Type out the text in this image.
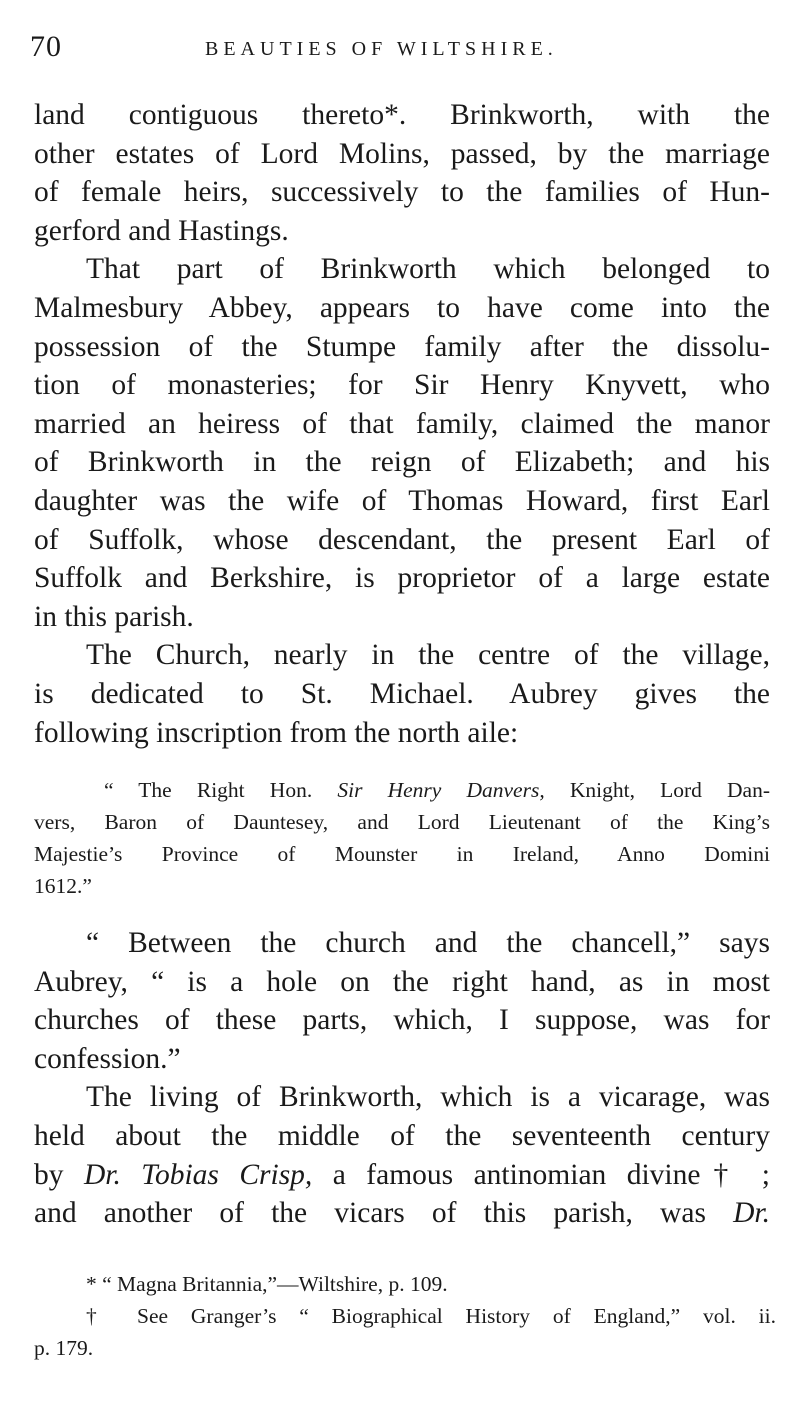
70	BEAUTIES OF WILTSHIRE.
land contiguous thereto*. Brinkworth, with the
other estates of Lord Molins, passed, by the marriage
of female heirs, successively to the families of Hun-
gerford and Hastings.
That part of Brinkworth which belonged to
Malmesbury Abbey, appears to have come into the
possession of the Stumpe family after the dissolu-
tion of monasteries; for Sir Henry Knyvett, who
married an heiress of that family, claimed the manor
of Brinkworth in the reign of Elizabeth; and his
daughter was the wife of Thomas Howard, first Earl
of Suffolk, whose descendant, the present Earl of
Suffolk and Berkshire, is proprietor of a large estate
in this parish.
The Church, nearly in the centre of the village,
is dedicated to St. Michael. Aubrey gives the
following inscription from the north aile:
“ The Right Hon. Sir Henry Danvers, Knight, Lord Dan-
vers, Baron of Dauntesey, and Lord Lieutenant of the King’s
Majestie’s Province of Mounster in Ireland, Anno Domini
1612.”
“ Between the church and the chancell,” says
Aubrey, “ is a hole on the right hand, as in most
churches of these parts, which, I suppose, was for
confession.”
The living of Brinkworth, which is a vicarage, was
held about the middle of the seventeenth century
by Dr. Tobias Crisp, a famous antinomian divine† ;
and another of the vicars of this parish, was Dr.
* “ Magna Britannia,”—Wiltshire, p. 109.
† See Granger’s “ Biographical History of England,” vol. ii.
p. 179.
